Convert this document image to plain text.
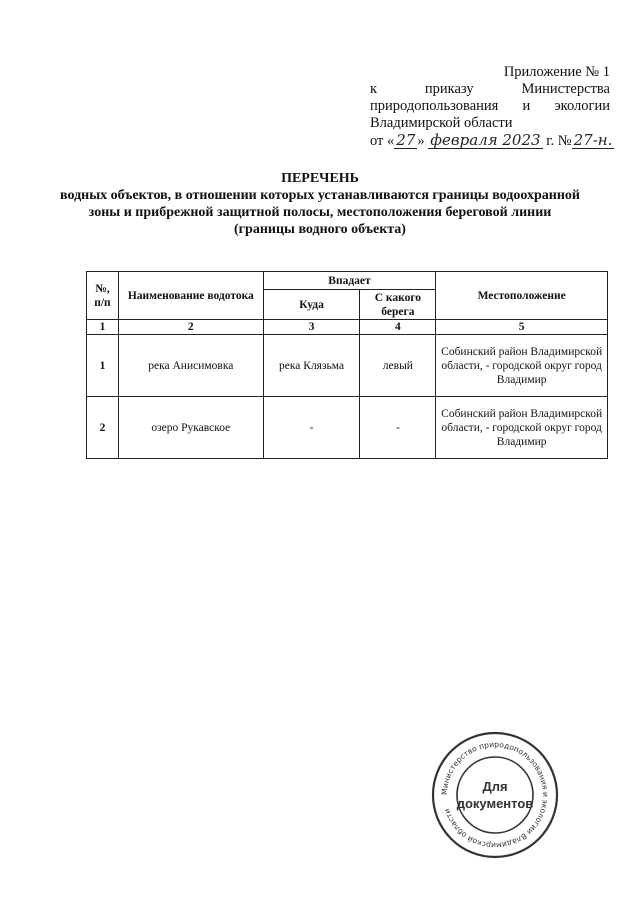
Приложение № 1
к	приказу	Министерства
природопользования и экологии
Владимирской области
от « 27 » февраля 2023 г. № 27-н.
ПЕРЕЧЕНЬ
водных объектов, в отношении которых устанавливаются границы водоохранной зоны и прибрежной защитной полосы, местоположения береговой линии (границы водного объекта)
№, п/п	Наименование водотока	Впадает		Местоположение
		Куда	С какого берега	
1	2	3	4	5
1	река Анисимовка	река Клязьма	левый	Собинский район Владимирской области, - городской округ город Владимир
2	озеро Рукавское	-	-	Собинский район Владимирской области, - городской округ город Владимир
Министерство природопользования и экологии Владимирской области
Для
документов
